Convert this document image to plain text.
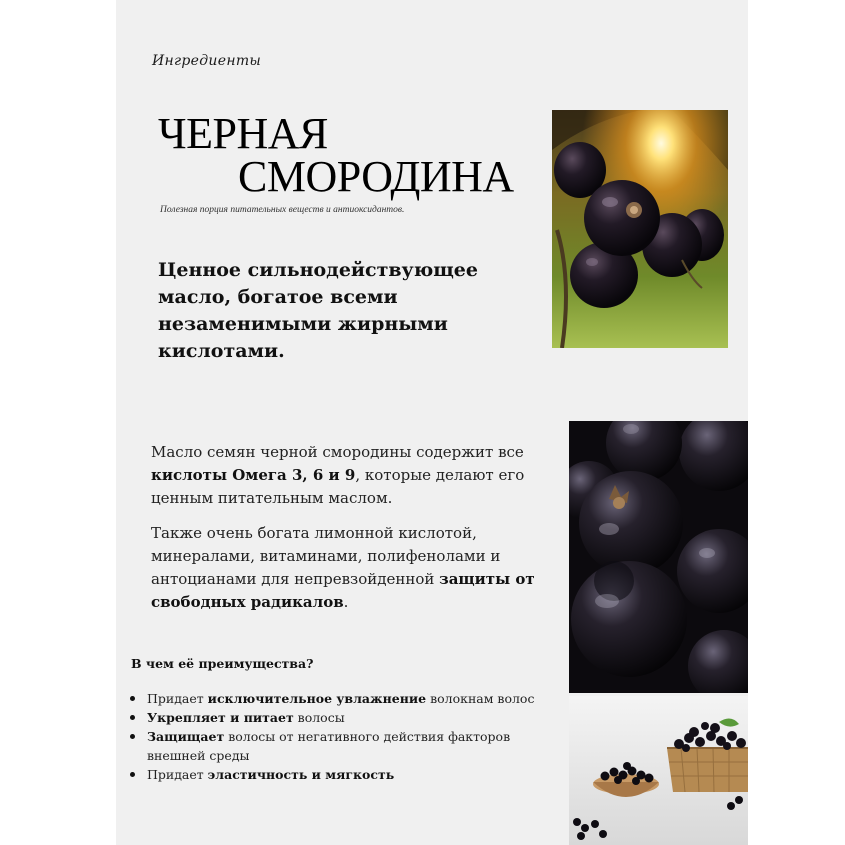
Ингредиенты
ЧЕРНАЯ
СМОРОДИНА
Полезная порция питательных веществ и антиоксидантов.
Ценное сильнодействующее масло, богатое всеми незаменимыми жирными кислотами.
Масло семян черной смородины содержит все кислоты Омега 3, 6 и 9, которые делают его ценным питательным маслом.
Также очень богата лимонной кислотой, минералами, витаминами, полифенолами и антоцианами для непревзойденной защиты от свободных радикалов.
В чем её преимущества?
Придает исключительное увлажнение волокнам волос
Укрепляет и питает волосы
Защищает волосы от негативного действия факторов внешней среды
Придает эластичность и мягкость
